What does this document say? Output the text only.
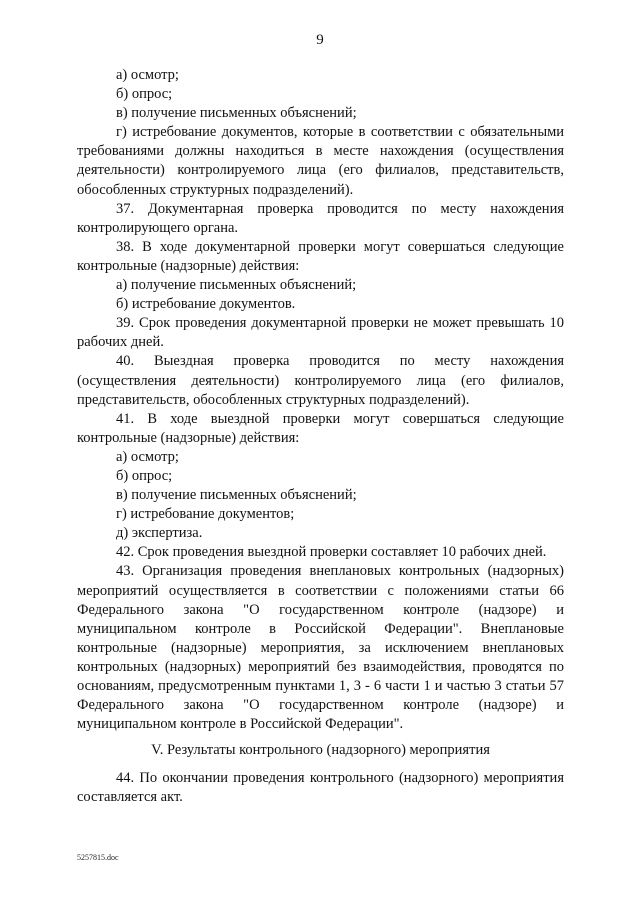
9

а) осмотр;

б) опрос;

в) получение письменных объяснений;

г) истребование документов, которые в соответствии с обязательными требованиями должны находиться в месте нахождения (осуществления деятельности) контролируемого лица (его филиалов, представительств, обособленных структурных подразделений).

37. Документарная проверка проводится по месту нахождения контролирующего органа.

38. В ходе документарной проверки могут совершаться следующие контрольные (надзорные) действия:

а) получение письменных объяснений;

б) истребование документов.

39. Срок проведения документарной проверки не может превышать 10 рабочих дней.

40. Выездная проверка проводится по месту нахождения (осуществления деятельности) контролируемого лица (его филиалов, представительств, обособленных структурных подразделений).

41. В ходе выездной проверки могут совершаться следующие контрольные (надзорные) действия:

а) осмотр;

б) опрос;

в) получение письменных объяснений;

г) истребование документов;

д) экспертиза.

42. Срок проведения выездной проверки составляет 10 рабочих дней.

43. Организация проведения внеплановых контрольных (надзорных) мероприятий осуществляется в соответствии с положениями статьи 66 Федерального закона "О государственном контроле (надзоре) и муниципальном контроле в Российской Федерации". Внеплановые контрольные (надзорные) мероприятия, за исключением внеплановых контрольных (надзорных) мероприятий без взаимодействия, проводятся по основаниям, предусмотренным пунктами 1, 3 - 6 части 1 и частью 3 статьи 57 Федерального закона "О государственном контроле (надзоре) и муниципальном контроле в Российской Федерации".

V. Результаты контрольного (надзорного) мероприятия

44. По окончании проведения контрольного (надзорного) мероприятия составляется акт.

5257815.doc
